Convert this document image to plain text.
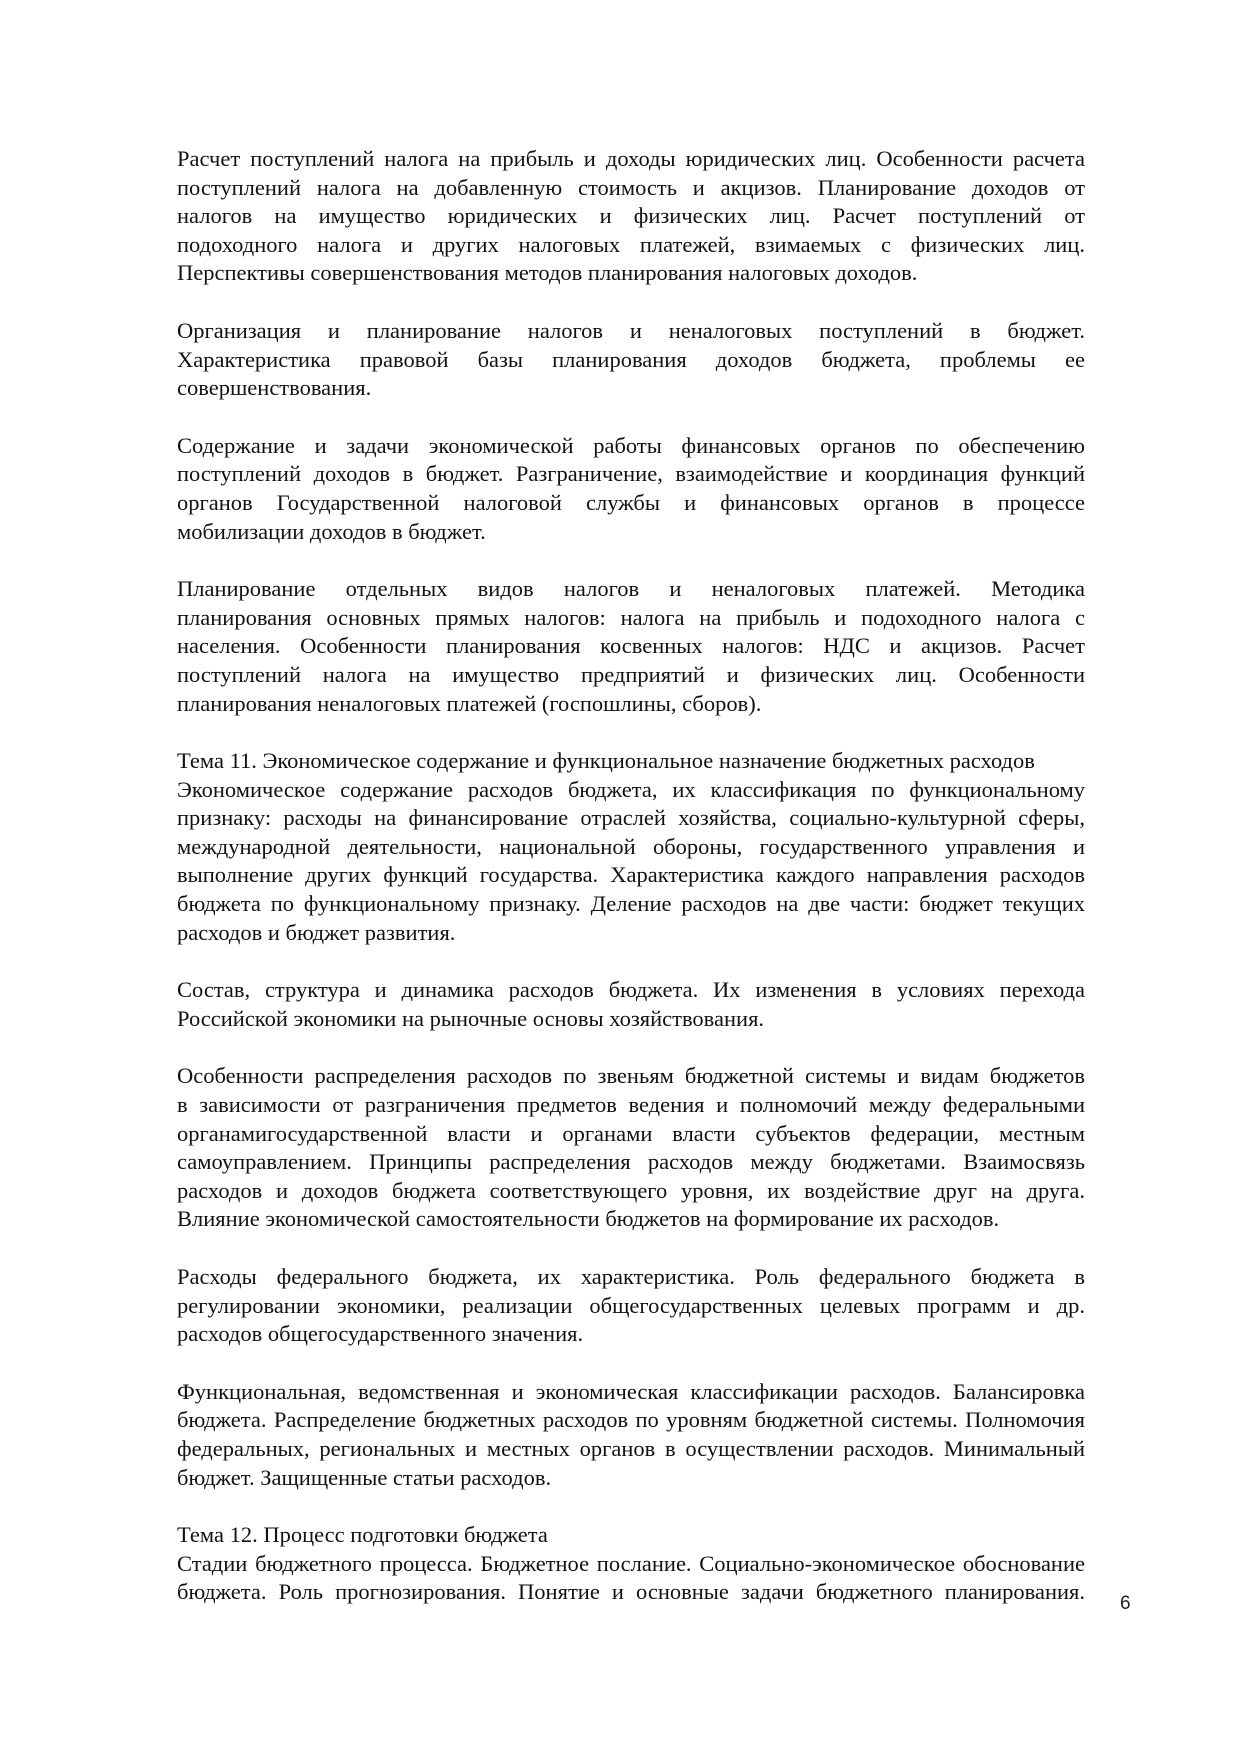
Расчет поступлений налога на прибыль и доходы юридических лиц. Особенности расчета
поступлений налога на добавленную стоимость и акцизов. Планирование доходов от
налогов на имущество юридических и физических лиц. Расчет поступлений от
подоходного налога и других налоговых платежей, взимаемых с физических лиц.
Перспективы совершенствования методов планирования налоговых доходов.

Организация и планирование налогов и неналоговых поступлений в бюджет.
Характеристика правовой базы планирования доходов бюджета, проблемы ее
совершенствования.

Содержание и задачи экономической работы финансовых органов по обеспечению
поступлений доходов в бюджет. Разграничение, взаимодействие и координация функций
органов Государственной налоговой службы и финансовых органов в процессе
мобилизации доходов в бюджет.

Планирование отдельных видов налогов и неналоговых платежей. Методика
планирования основных прямых налогов: налога на прибыль и подоходного налога с
населения. Особенности планирования косвенных налогов: НДС и акцизов. Расчет
поступлений налога на имущество предприятий и физических лиц. Особенности
планирования неналоговых платежей (госпошлины, сборов).

Тема 11. Экономическое содержание и функциональное назначение бюджетных расходов
Экономическое содержание расходов бюджета, их классификация по функциональному
признаку: расходы на финансирование отраслей хозяйства, социально-культурной сферы,
международной деятельности, национальной обороны, государственного управления и
выполнение других функций государства. Характеристика каждого направления расходов
бюджета по функциональному признаку. Деление расходов на две части: бюджет текущих
расходов и бюджет развития.

Состав, структура и динамика расходов бюджета. Их изменения в условиях перехода
Российской экономики на рыночные основы хозяйствования.

Особенности распределения расходов по звеньям бюджетной системы и видам бюджетов
в зависимости от разграничения предметов ведения и полномочий между федеральными
органамигосударственной власти и органами власти субъектов федерации, местным
самоуправлением. Принципы распределения расходов между бюджетами. Взаимосвязь
расходов и доходов бюджета соответствующего уровня, их воздействие друг на друга.
Влияние экономической самостоятельности бюджетов на формирование их расходов.

Расходы федерального бюджета, их характеристика. Роль федерального бюджета в
регулировании экономики, реализации общегосударственных целевых программ и др.
расходов общегосударственного значения.

Функциональная, ведомственная и экономическая классификации расходов. Балансировка
бюджета. Распределение бюджетных расходов по уровням бюджетной системы. Полномочия
федеральных, региональных и местных органов в осуществлении расходов. Минимальный
бюджет. Защищенные статьи расходов.

Тема 12. Процесс подготовки бюджета
Стадии бюджетного процесса. Бюджетное послание. Социально-экономическое обоснование
бюджета. Роль прогнозирования. Понятие и основные задачи бюджетного планирования. 6
